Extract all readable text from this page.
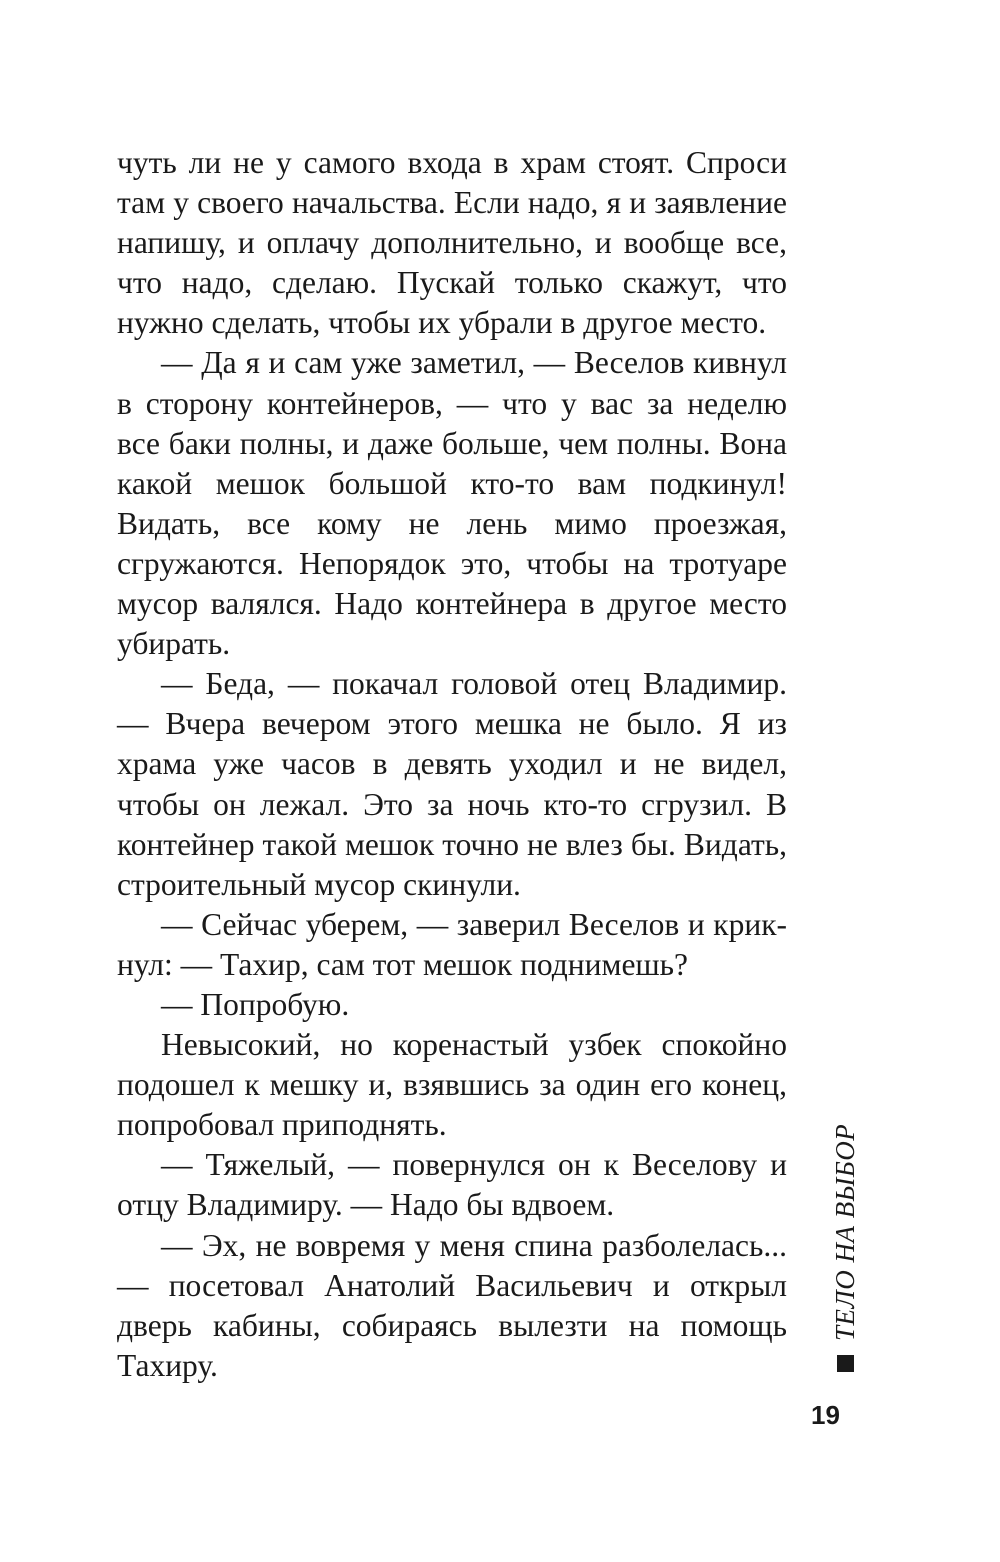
чуть ли не у самого входа в храм стоят. Спроси там у своего начальства. Если надо, я и заявление напишу, и оплачу дополнительно, и вообще все, что надо, сделаю. Пускай только скажут, что нужно сделать, чтобы их убрали в другое место.

— Да я и сам уже заметил, — Веселов кивнул в сторону контейнеров, — что у вас за неделю все баки полны, и даже больше, чем полны. Вона какой мешок большой кто-то вам подкинул! Видать, все кому не лень мимо проезжая, сгружаются. Непорядок это, чтобы на тротуаре мусор валялся. Надо контейнера в другое место убирать.

— Беда, — покачал головой отец Владимир. — Вчера вечером этого мешка не было. Я из храма уже часов в девять уходил и не видел, чтобы он лежал. Это за ночь кто-то сгрузил. В контейнер такой мешок точно не влез бы. Видать, строительный мусор скинули.

— Сейчас уберем, — заверил Веселов и крикнул: — Тахир, сам тот мешок поднимешь?

— Попробую.

Невысокий, но коренастый узбек спокойно подошел к мешку и, взявшись за один его конец, попробовал приподнять.

— Тяжелый, — повернулся он к Веселову и отцу Владимиру. — Надо бы вдвоем.

— Эх, не вовремя у меня спина разболелась... — посетовал Анатолий Васильевич и открыл дверь кабины, собираясь вылезти на помощь Тахиру.

ТЕЛО НА ВЫБОР
19
